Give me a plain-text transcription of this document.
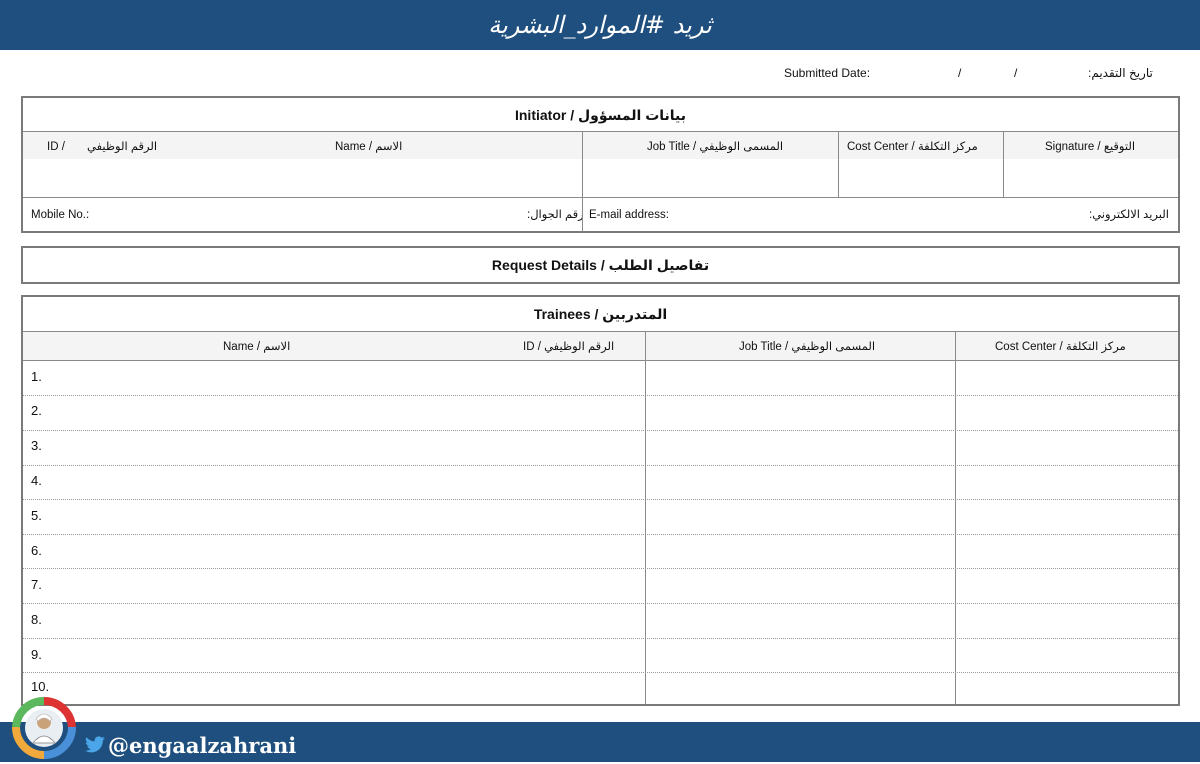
ثريد #الموارد_البشرية
Submitted Date:	/	/	تاريخ التقديم:
Initiator / بيانات المسؤول
ID / الرقم الوظيفي	Name / الاسم	Job Title / المسمى الوظيفي	Cost Center / مركز التكلفة	Signature / التوقيع
Mobile No.:	رقم الجوال: E-mail address:	البريد الالكتروني:
Request Details / تفاصيل الطلب
Trainees / المتدربين
Name / الاسم	ID / الرقم الوظيفي	Job Title / المسمى الوظيفي	Cost Center / مركز التكلفة
1.
2.
3.
4.
5.
6.
7.
8.
9.
10.
@engaalzahrani
